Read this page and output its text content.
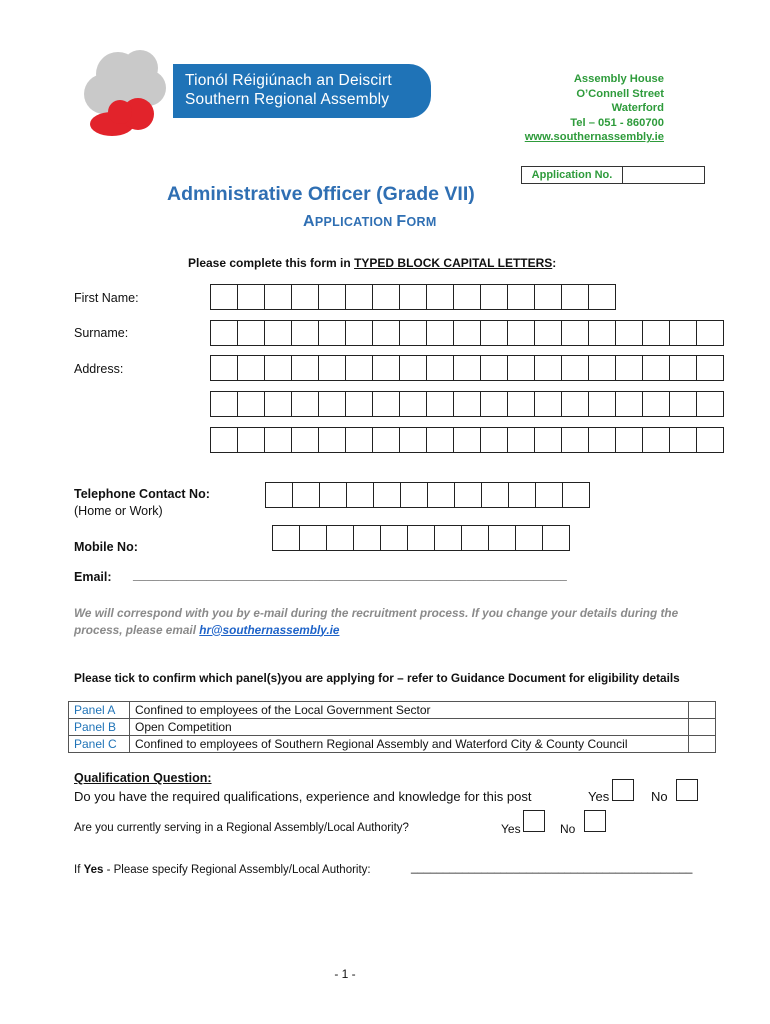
Tionól Réigiúnach an Deiscirt
Southern Regional Assembly
Assembly House
O’Connell Street
Waterford
Tel – 051 - 860700
www.southernassembly.ie
Application No.
Administrative Officer (Grade VII)
APPLICATION FORM
Please complete this form in TYPED BLOCK CAPITAL LETTERS:
First Name:
Surname:
Address:
Telephone Contact No:
(Home or Work)
Mobile No:
Email: _________________________________________________________________
We will correspond with you by e-mail during the recruitment process. If you change your details during the process, please email hr@southernassembly.ie
Please tick to confirm which panel(s)you are applying for – refer to Guidance Document for eligibility details
Panel A	Confined to employees of the Local Government Sector	
Panel B	Open Competition	
Panel C	Confined to employees of Southern Regional Assembly and Waterford City & County Council	
Qualification Question:
Do you have the required qualifications, experience and knowledge for this post	Yes	No
Are you currently serving in a Regional Assembly/Local Authority?	Yes	No
If Yes - Please specify Regional Assembly/Local Authority:	____________________________________________
- 1 -
